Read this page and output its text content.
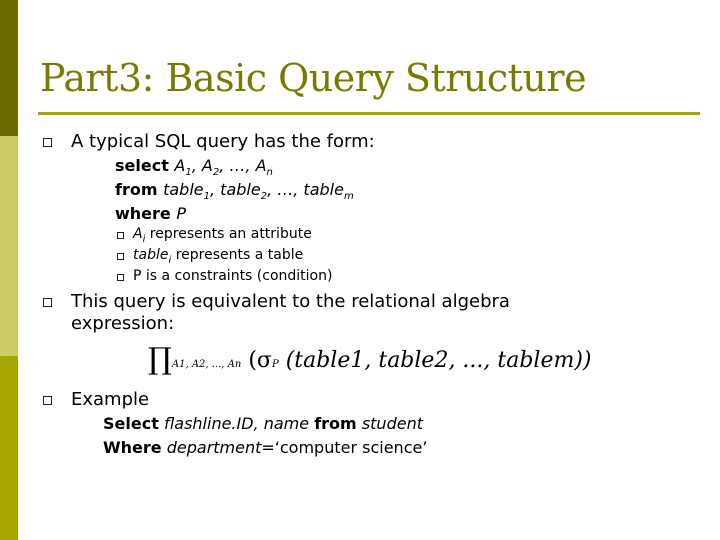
Part3: Basic Query Structure
A typical SQL query has the form:
select $A_1$, $A_2$, …, $A_n$
from table$_1$, table$_2$, …, table$_m$
where P
$A_i$ represents an attribute
table$_i$ represents a table
P is a constraints (condition)
This query is equivalent to the relational algebra
expression:
∏A1, A2, ..., An (σP (table1, table2, ..., tablem))
Example
Select flashline.ID, name from student
Where department=‘computer science’
